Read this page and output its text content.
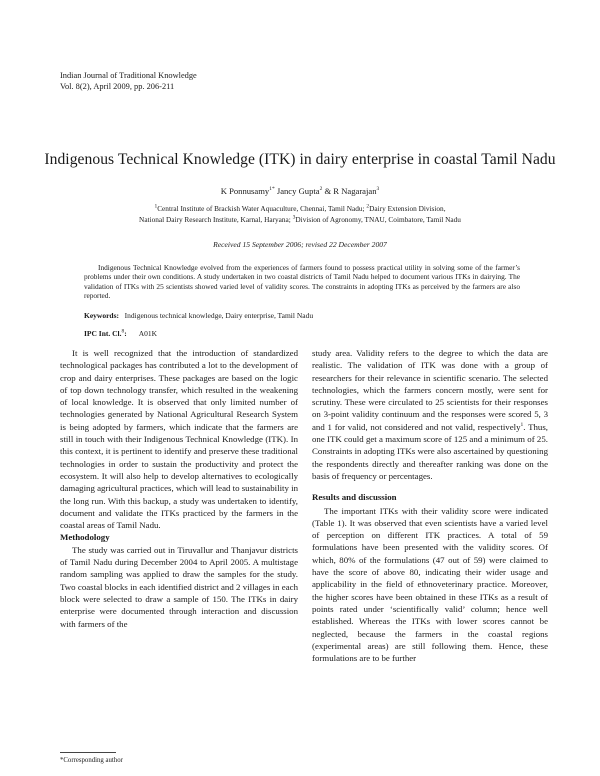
Indian Journal of Traditional Knowledge
Vol. 8(2), April 2009, pp. 206-211
Indigenous Technical Knowledge (ITK) in dairy enterprise in coastal Tamil Nadu
K Ponnusamy$^{1*}$ Jancy Gupta$^2$ & R Nagarajan$^3$
$^1$Central Institute of Brackish Water Aquaculture, Chennai, Tamil Nadu; $^2$Dairy Extension Division,
National Dairy Research Institute, Karnal, Haryana; $^3$Division of Agronomy, TNAU, Coimbatore, Tamil Nadu
Received 15 September 2006; revised 22 December 2007
Indigenous Technical Knowledge evolved from the experiences of farmers found to possess practical utility in solving some of the farmer’s problems under their own conditions. A study undertaken in two coastal districts of Tamil Nadu helped to document various ITKs in dairying. The validation of ITKs with 25 scientists showed varied level of validity scores. The constraints in adopting ITKs as perceived by the farmers are also reported.
Keywords: Indigenous technical knowledge, Dairy enterprise, Tamil Nadu
IPC Int. Cl.$^8$: A01K

It is well recognized that the introduction of standardized technological packages has contributed a lot to the development of crop and dairy enterprises. These packages are based on the logic of top down technology transfer, which resulted in the weakening of local knowledge. It is observed that only limited number of technologies generated by National Agricultural Research System is being adopted by farmers, which indicate that the farmers are still in touch with their Indigenous Technical Knowledge (ITK). In this context, it is pertinent to identify and preserve these traditional technologies in order to sustain the productivity and protect the ecosystem. It will also help to develop alternatives to ecologically damaging agricultural practices, which will lead to sustainability in the long run. With this backup, a study was undertaken to identify, document and validate the ITKs practiced by the farmers in the coastal areas of Tamil Nadu.

Methodology

The study was carried out in Tiruvallur and Thanjavur districts of Tamil Nadu during December 2004 to April 2005. A multistage random sampling was applied to draw the samples for the study. Two coastal blocks in each identified district and 2 villages in each block were selected to draw a sample of 150. The ITKs in dairy enterprise were documented through interaction and discussion with farmers of the

study area. Validity refers to the degree to which the data are realistic. The validation of ITK was done with a group of researchers for their relevance in scientific scenario. The selected technologies, which the farmers concern mostly, were sent for scrutiny. These were circulated to 25 scientists for their responses on 3-point validity continuum and the responses were scored 5, 3 and 1 for valid, not considered and not valid, respectively$^1$. Thus, one ITK could get a maximum score of 125 and a minimum of 25. Constraints in adopting ITKs were also ascertained by questioning the respondents directly and thereafter ranking was done on the basis of frequency or percentages.

Results and discussion

The important ITKs with their validity score were indicated (Table 1). It was observed that even scientists have a varied level of perception on different ITK practices. A total of 59 formulations have been presented with the validity scores. Of which, 80% of the formulations (47 out of 59) were claimed to have the score of above 80, indicating their wider usage and applicability in the field of ethnoveterinary practice. Moreover, the higher scores have been obtained in these ITKs as a result of points rated under ‘scientifically valid’ column; hence well established. Whereas the ITKs with lower scores cannot be neglected, because the farmers in the coastal regions (experimental areas) are still following them. Hence, these formulations are to be further

*Corresponding author
